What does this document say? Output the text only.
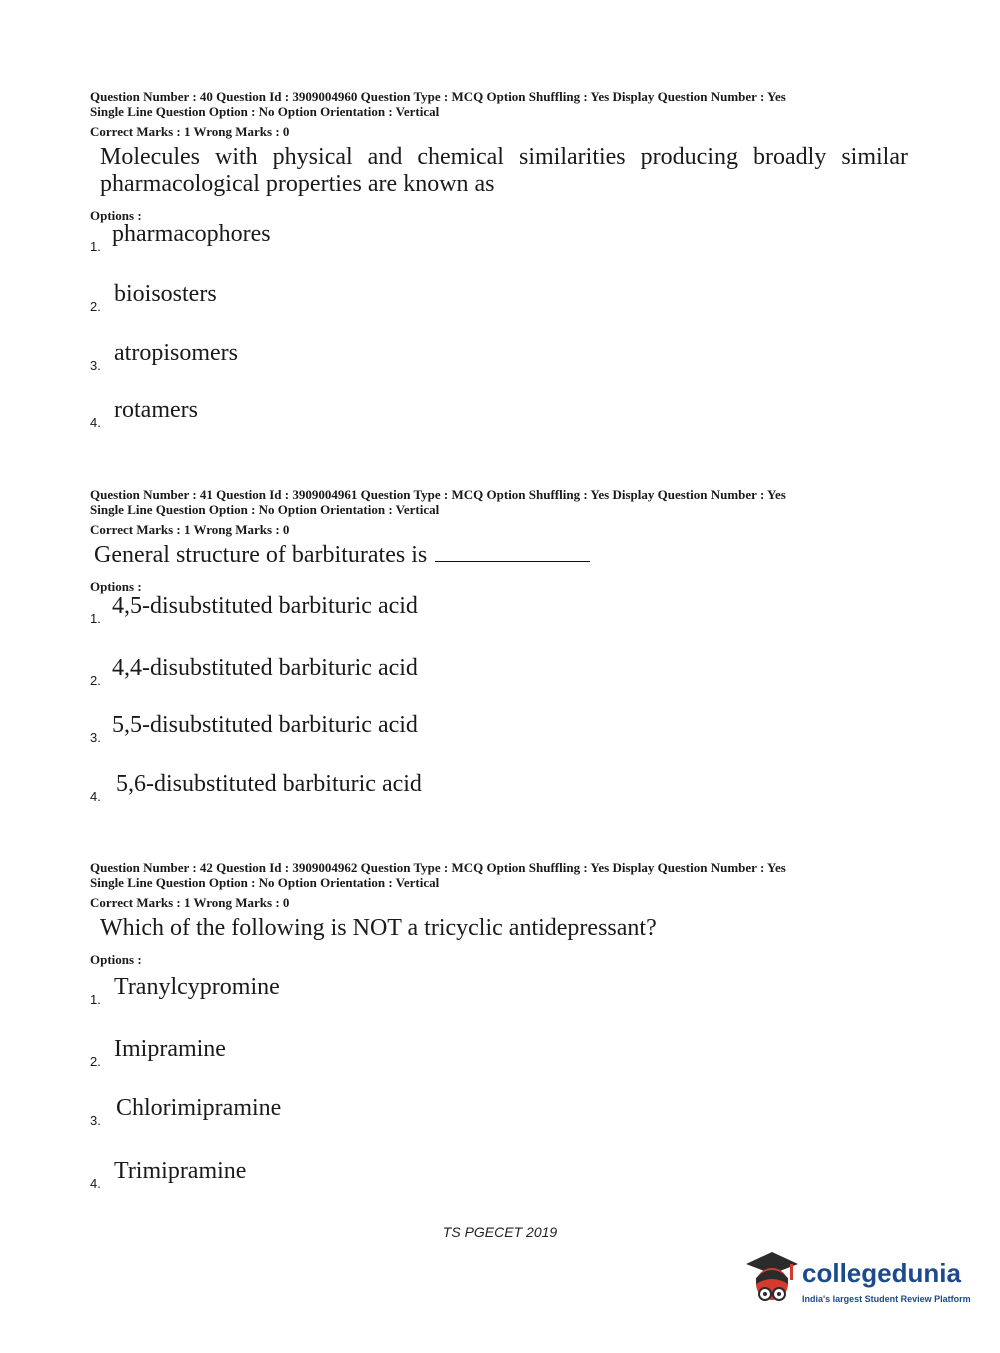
Question Number : 40 Question Id : 3909004960 Question Type : MCQ Option Shuffling : Yes Display Question Number : Yes
Single Line Question Option : No Option Orientation : Vertical
Correct Marks : 1 Wrong Marks : 0
Molecules with physical and chemical similarities producing broadly similar pharmacological properties are known as
Options :
1. pharmacophores
2. bioisosters
3. atropisomers
4. rotamers
Question Number : 41 Question Id : 3909004961 Question Type : MCQ Option Shuffling : Yes Display Question Number : Yes
Single Line Question Option : No Option Orientation : Vertical
Correct Marks : 1 Wrong Marks : 0
General structure of barbiturates is
Options :
1. 4,5-disubstituted barbituric acid
2. 4,4-disubstituted barbituric acid
3. 5,5-disubstituted barbituric acid
4. 5,6-disubstituted barbituric acid
Question Number : 42 Question Id : 3909004962 Question Type : MCQ Option Shuffling : Yes Display Question Number : Yes
Single Line Question Option : No Option Orientation : Vertical
Correct Marks : 1 Wrong Marks : 0
Which of the following is NOT a tricyclic antidepressant?
Options :
1. Tranylcypromine
2. Imipramine
3. Chlorimipramine
4. Trimipramine
TS PGECET 2019
collegedunia
India's largest Student Review Platform
